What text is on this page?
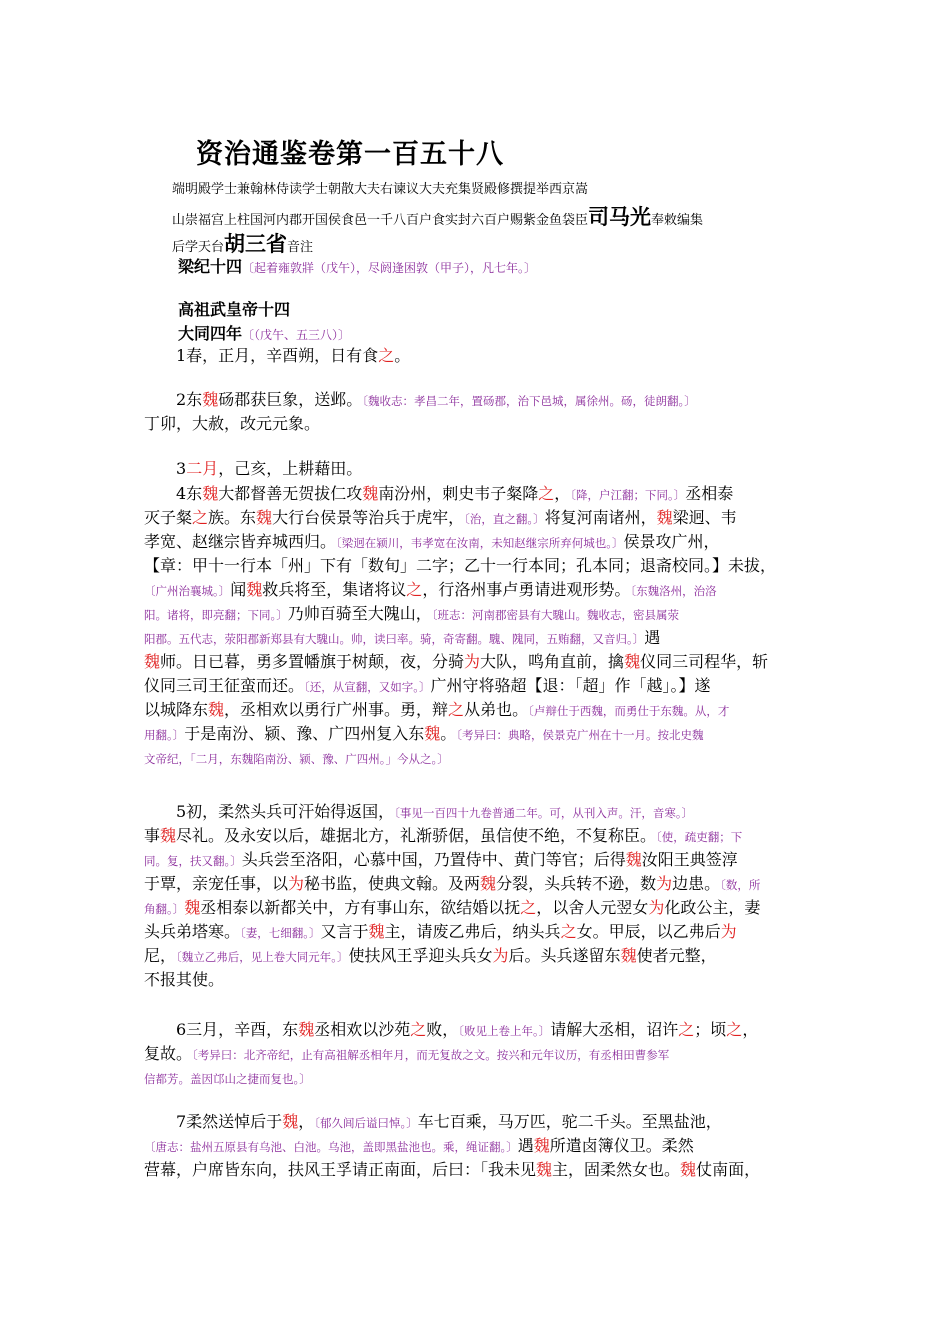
资治通鉴卷第一百五十八
端明殿学士兼翰林侍读学士朝散大夫右谏议大夫充集贤殿修撰提举西京嵩
山崇福宫上柱国河内郡开国侯食邑一千八百户食实封六百户赐紫金鱼袋臣司马光奉敕编集
后学天台胡三省音注
梁纪十四〔起着雍敦牂（戊午），尽阏逢困敦（甲子），凡七年。〕
高祖武皇帝十四
大同四年〔（戊午、五三八）〕
1春，正月，辛酉朔，日有食之。
2东魏砀郡获巨象，送邺。〔魏收志：孝昌二年，置砀郡，治下邑城，属徐州。砀，徒朗翻。〕
丁卯，大赦，改元元象。
3二月，己亥，上耕藉田。
4东魏大都督善无贺拔仁攻魏南汾州，刺史韦子粲降之，〔降，户江翻；下同。〕丞相泰
灭子粲之族。东魏大行台侯景等治兵于虎牢，〔治，直之翻。〕将复河南诸州，魏梁迥、韦
孝宽、赵继宗皆弃城西归。〔梁迥在颍川，韦孝宽在汝南，未知赵继宗所弃何城也。〕侯景攻广州，
【章：甲十一行本「州」下有「数旬」二字；乙十一行本同；孔本同；退斋校同。】未拔，
〔广州治襄城。〕闻魏救兵将至，集诸将议之，行洛州事卢勇请进观形势。〔东魏洛州，治洛
阳。诸将，即亮翻；下同。〕乃帅百骑至大隗山，〔班志：河南郡密县有大騩山。魏收志，密县属荥
阳郡。五代志，荥阳郡新郑县有大騩山。帅，读曰率。骑，奇寄翻。騩、隗同，五贿翻，又音归。〕遇
魏师。日已暮，勇多置幡旗于树颠，夜，分骑为大队，鸣角直前，擒魏仪同三司程华，斩
仪同三司王征蛮而还。〔还，从宣翻，又如字。〕广州守将骆超【退：「超」作「越」。】遂
以城降东魏，丞相欢以勇行广州事。勇，辩之从弟也。〔卢辩仕于西魏，而勇仕于东魏。从，才
用翻。〕于是南汾、颍、豫、广四州复入东魏。〔考异曰：典略，侯景克广州在十一月。按北史魏
文帝纪，「二月，东魏陷南汾、颍、豫、广四州。」今从之。〕
5初，柔然头兵可汗始得返国，〔事见一百四十九卷普通二年。可，从刊入声。汗，音寒。〕
事魏尽礼。及永安以后，雄据北方，礼渐骄倨，虽信使不绝，不复称臣。〔使，疏吏翻；下
同。复，扶又翻。〕头兵尝至洛阳，心慕中国，乃置侍中、黄门等官；后得魏汝阳王典签淳
于覃，亲宠任事，以为秘书监，使典文翰。及两魏分裂，头兵转不逊，数为边患。〔数，所
角翻。〕魏丞相泰以新都关中，方有事山东，欲结婚以抚之，以舍人元翌女为化政公主，妻
头兵弟塔寒。〔妻，七细翻。〕又言于魏主，请废乙弗后，纳头兵之女。甲辰，以乙弗后为
尼，〔魏立乙弗后，见上卷大同元年。〕使扶风王孚迎头兵女为后。头兵遂留东魏使者元整，
不报其使。
6三月，辛酉，东魏丞相欢以沙苑之败，〔败见上卷上年。〕请解大丞相，诏许之；顷之，
复故。〔考异曰：北齐帝纪，止有高祖解丞相年月，而无复故之文。按兴和元年议历，有丞相田曹参军
信都芳。盖因邙山之捷而复也。〕
7柔然送悼后于魏，〔郁久闾后谥曰悼。〕车七百乘，马万匹，驼二千头。至黑盐池，
〔唐志：盐州五原县有乌池、白池。乌池，盖即黑盐池也。乘，绳证翻。〕遇魏所遣卤簿仪卫。柔然
营幕，户席皆东向，扶风王孚请正南面，后曰：「我未见魏主，固柔然女也。魏仗南面，
